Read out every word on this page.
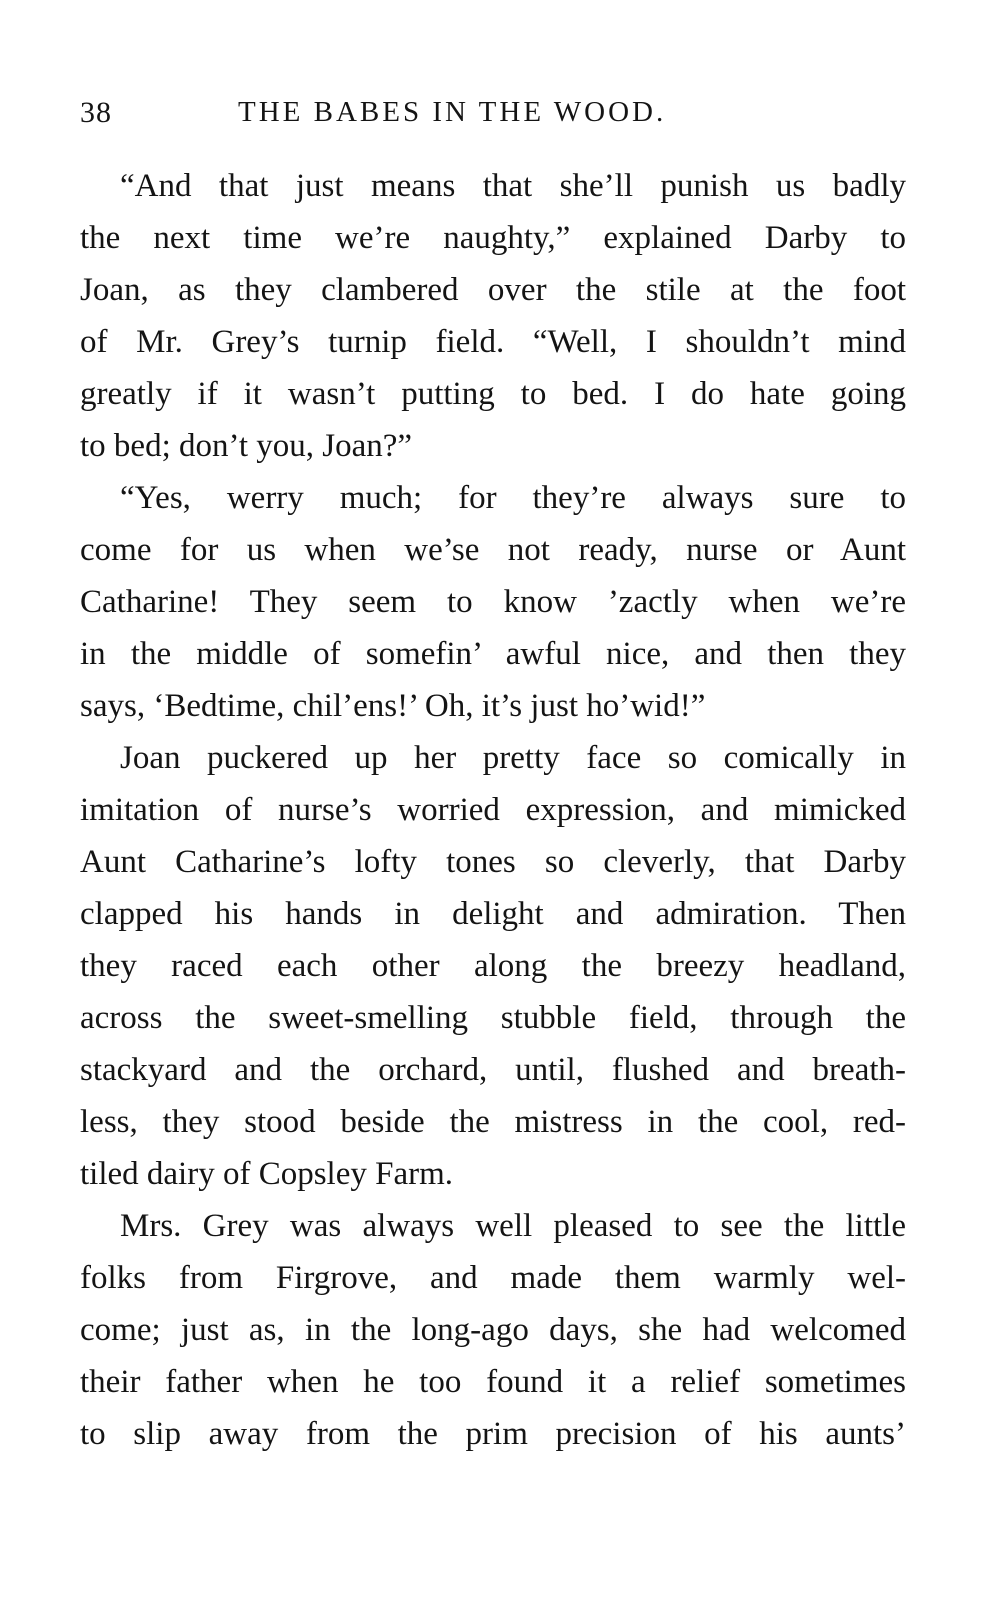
38	THE BABES IN THE WOOD.
“And that just means that she’ll punish us badly
the next time we’re naughty,” explained Darby to
Joan, as they clambered over the stile at the foot
of Mr. Grey’s turnip field. “Well, I shouldn’t mind
greatly if it wasn’t putting to bed. I do hate going
to bed; don’t you, Joan?”
“Yes, werry much; for they’re always sure to
come for us when we’se not ready, nurse or Aunt
Catharine! They seem to know ’zactly when we’re
in the middle of somefin’ awful nice, and then they
says, ‘Bedtime, chil’ens!’ Oh, it’s just ho’wid!”
Joan puckered up her pretty face so comically in
imitation of nurse’s worried expression, and mimicked
Aunt Catharine’s lofty tones so cleverly, that Darby
clapped his hands in delight and admiration. Then
they raced each other along the breezy headland,
across the sweet-smelling stubble field, through the
stackyard and the orchard, until, flushed and breath-
less, they stood beside the mistress in the cool, red-
tiled dairy of Copsley Farm.
Mrs. Grey was always well pleased to see the little
folks from Firgrove, and made them warmly wel-
come; just as, in the long-ago days, she had welcomed
their father when he too found it a relief sometimes
to slip away from the prim precision of his aunts’
